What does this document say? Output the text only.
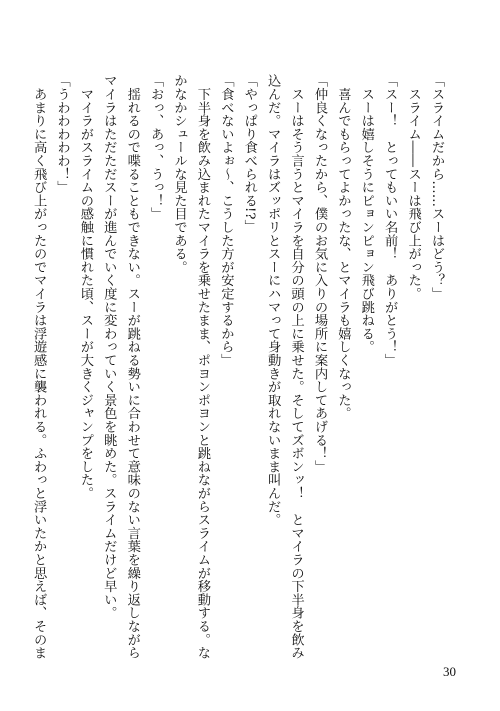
「スライムだから……スーはどう？」

　スライム――スーは飛び上がった。

「スー！　とってもいい名前！　ありがとう！」

　スーは嬉しそうにピョンピョン飛び跳ねる。

　喜んでもらってよかったな、とマイラも嬉しくなった。

「仲良くなったから、僕のお気に入りの場所に案内してあげる！」

　スーはそう言うとマイラを自分の頭の上に乗せた。そしてズボンッ！　とマイラの下半身を飲み

込んだ。マイラはズッポリとスーにハマって身動きが取れないまま叫んだ。

「やっぱり食べられる!?」

「食べないよぉ～、こうした方が安定するから」

　下半身を飲み込まれたマイラを乗せたまま、ポヨンポヨンと跳ねながらスライムが移動する。な

かなかシュールな見た目である。

「おっ、あっ、うっ！」

　揺れるので喋ることもできない。スーが跳ねる勢いに合わせて意味のない言葉を繰り返しながら

マイラはただただスーが進んでいく度に変わっていく景色を眺めた。スライムだけど早い。

　マイラがスライムの感触に慣れた頃、スーが大きくジャンプをした。

「うわわわわわ！」

　あまりに高く飛び上がったのでマイラは浮遊感に襲われる。ふわっと浮いたかと思えば、そのま

30
